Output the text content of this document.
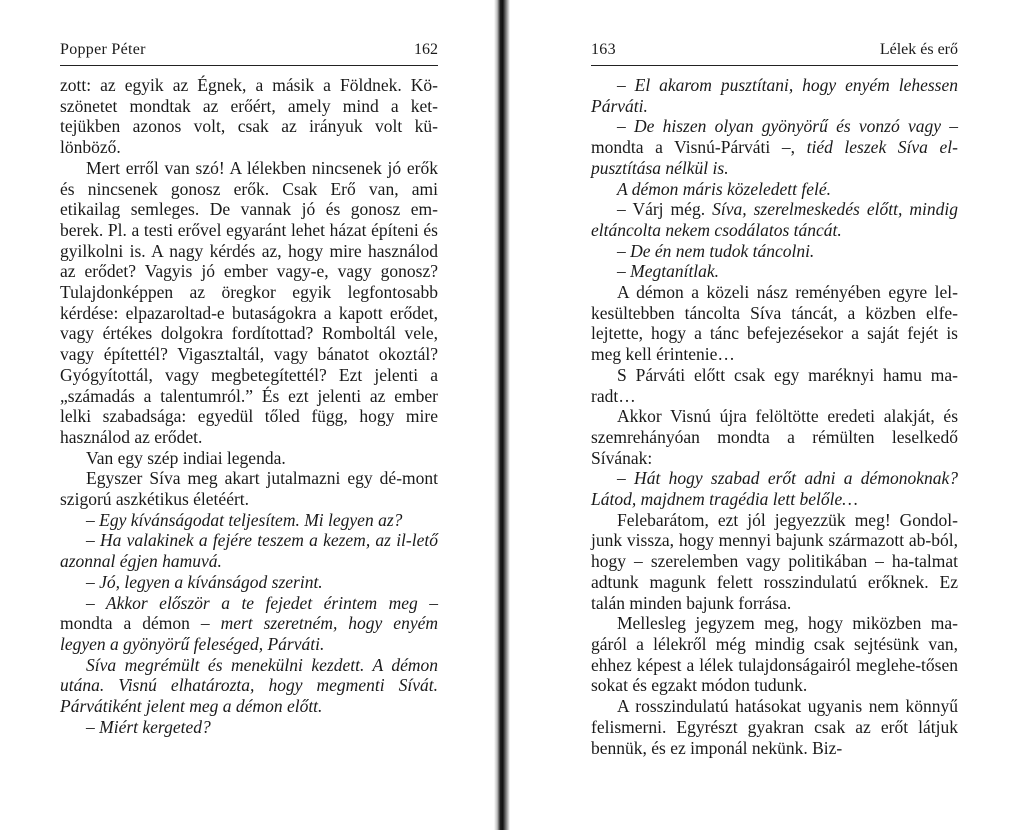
Popper Péter	162

zott: az egyik az Égnek, a másik a Földnek. Kö-szönetet mondtak az erőért, amely mind a ket-tejükben azonos volt, csak az irányuk volt kü-lönböző.

Mert erről van szó! A lélekben nincsenek jó erők és nincsenek gonosz erők. Csak Erő van, ami etikailag semleges. De vannak jó és gonosz em-berek. Pl. a testi erővel egyaránt lehet házat építeni és gyilkolni is. A nagy kérdés az, hogy mire használod az erődet? Vagyis jó ember vagy-e, vagy gonosz? Tulajdonképpen az öregkor egyik legfontosabb kérdése: elpazaroltad-e butaságokra a kapott erődet, vagy értékes dolgokra fordítottad? Romboltál vele, vagy építettél? Vigasztaltál, vagy bánatot okoztál? Gyógyítottál, vagy megbetegítettél? Ezt jelenti a „számadás a talentumról.” És ezt jelenti az ember lelki szabadsága: egyedül tőled függ, hogy mire használod az erődet.

Van egy szép indiai legenda.

Egyszer Síva meg akart jutalmazni egy dé-mont szigorú aszkétikus életéért.

– Egy kívánságodat teljesítem. Mi legyen az?

– Ha valakinek a fejére teszem a kezem, az il-lető azonnal égjen hamuvá.

– Jó, legyen a kívánságod szerint.

– Akkor először a te fejedet érintem meg – mondta a démon – mert szeretném, hogy enyém legyen a gyönyörű feleséged, Párváti.

Síva megrémült és menekülni kezdett. A démon utána. Visnú elhatározta, hogy megmenti Sívát. Párvátiként jelent meg a démon előtt.

– Miért kergeted?

163	Lélek és erő

– El akarom pusztítani, hogy enyém lehessen Párváti.

– De hiszen olyan gyönyörű és vonzó vagy – mondta a Visnú-Párváti –, tiéd leszek Síva el-pusztítása nélkül is.

A démon máris közeledett felé.

– Várj még. Síva, szerelmeskedés előtt, mindig eltáncolta nekem csodálatos táncát.

– De én nem tudok táncolni.

– Megtanítlak.

A démon a közeli nász reményében egyre lel-kesültebben táncolta Síva táncát, a közben elfe-lejtette, hogy a tánc befejezésekor a saját fejét is meg kell érintenie…

S Párváti előtt csak egy maréknyi hamu ma-radt…

Akkor Visnú újra felöltötte eredeti alakját, és szemrehányóan mondta a rémülten leselkedő Sívának:

– Hát hogy szabad erőt adni a démonoknak? Látod, majdnem tragédia lett belőle…

Felebarátom, ezt jól jegyezzük meg! Gondol-junk vissza, hogy mennyi bajunk származott ab-ból, hogy – szerelemben vagy politikában – ha-talmat adtunk magunk felett rosszindulatú erőknek. Ez talán minden bajunk forrása.

Mellesleg jegyzem meg, hogy miközben ma-gáról a lélekről még mindig csak sejtésünk van, ehhez képest a lélek tulajdonságairól meglehe-tősen sokat és egzakt módon tudunk.

A rosszindulatú hatásokat ugyanis nem könnyű felismerni. Egyrészt gyakran csak az erőt látjuk bennük, és ez imponál nekünk. Biz-
